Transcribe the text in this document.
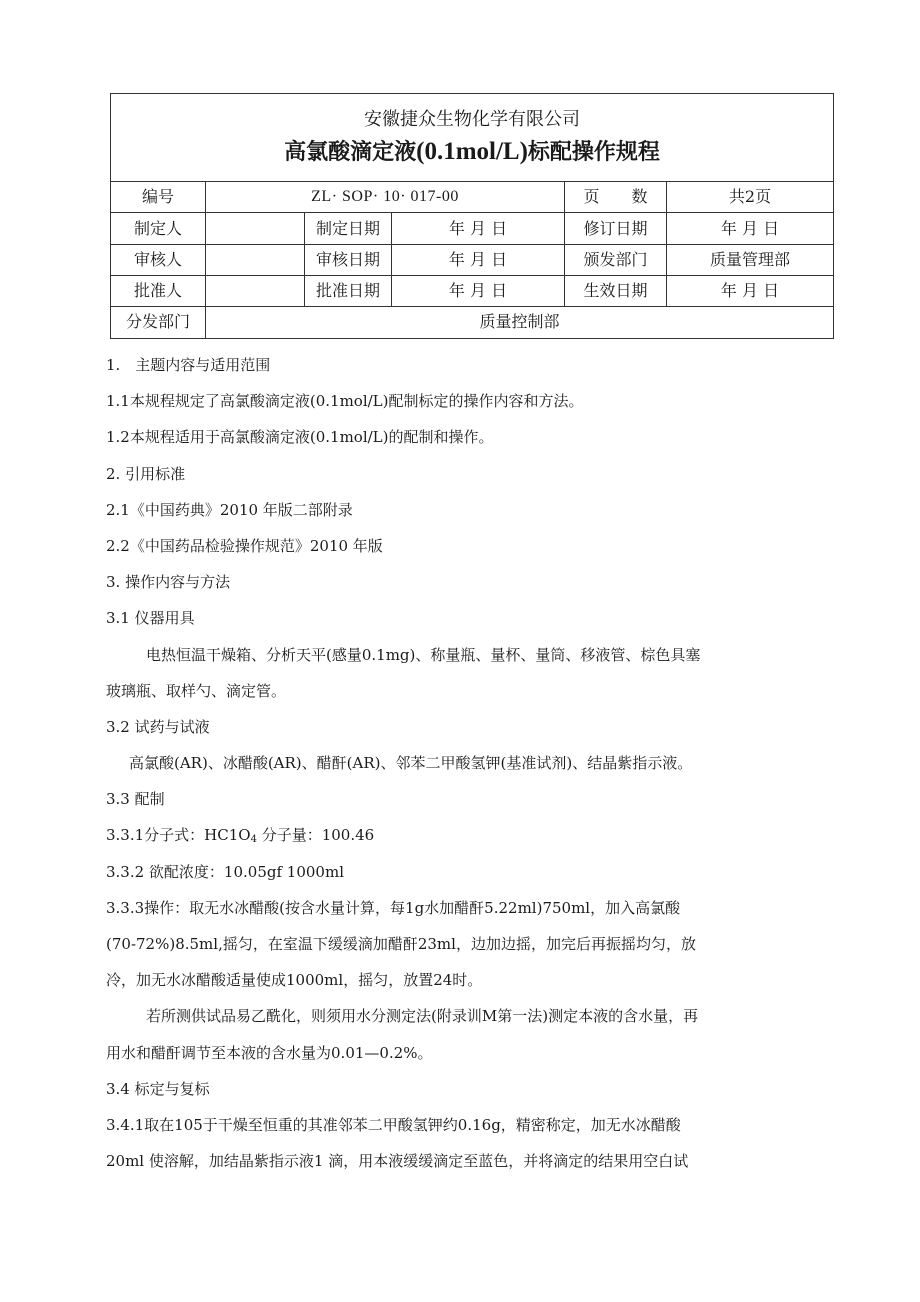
安徽捷众生物化学有限公司
高氯酸滴定液(0.1mol/L)标配操作规程					

编号	ZL· SOP· 10· 017-00			页　　数	共2页
制定人		制定日期	年 月 日	修订日期	年 月 日
审核人		审核日期	年 月 日	颁发部门	质量管理部
批准人		批准日期	年 月 日	生效日期	年 月 日
分发部门	质量控制部				
1.　主题内容与适用范围
1.1本规程规定了高氯酸滴定液(0.1mol/L)配制标定的操作内容和方法。
1.2本规程适用于高氯酸滴定液(0.1mol/L)的配制和操作。
2. 引用标准
2.1《中国药典》2010 年版二部附录
2.2《中国药品检验操作规范》2010 年版
3. 操作内容与方法
3.1 仪器用具
电热恒温干燥箱、分析天平(感量0.1mg)、称量瓶、量杯、量筒、移液管、棕色具塞
玻璃瓶、取样勺、滴定管。
3.2 试药与试液
高氯酸(AR)、冰醋酸(AR)、醋酐(AR)、邻苯二甲酸氢钾(基准试剂)、结晶紫指示液。
3.3 配制
3.3.1分子式：$HC1O_4$ 分子量：100.46
3.3.2 欲配浓度：10.05gf 1000ml
3.3.3操作：取无水冰醋酸(按含水量计算，每1g水加醋酐5.22ml)750ml，加入高氯酸
(70-72%)8.5ml,摇匀，在室温下缓缓滴加醋酐23ml，边加边摇，加完后再振摇均匀，放
冷，加无水冰醋酸适量使成1000ml，摇匀，放置24时。
若所测供试品易乙酰化，则须用水分测定法(附录训M第一法)测定本液的含水量，再
用水和醋酐调节至本液的含水量为0.01—0.2%。
3.4 标定与复标
3.4.1取在105于干燥至恒重的其准邻苯二甲酸氢钾约0.16g，精密称定，加无水冰醋酸
20ml 使溶解，加结晶紫指示液1 滴，用本液缓缓滴定至蓝色，并将滴定的结果用空白试
